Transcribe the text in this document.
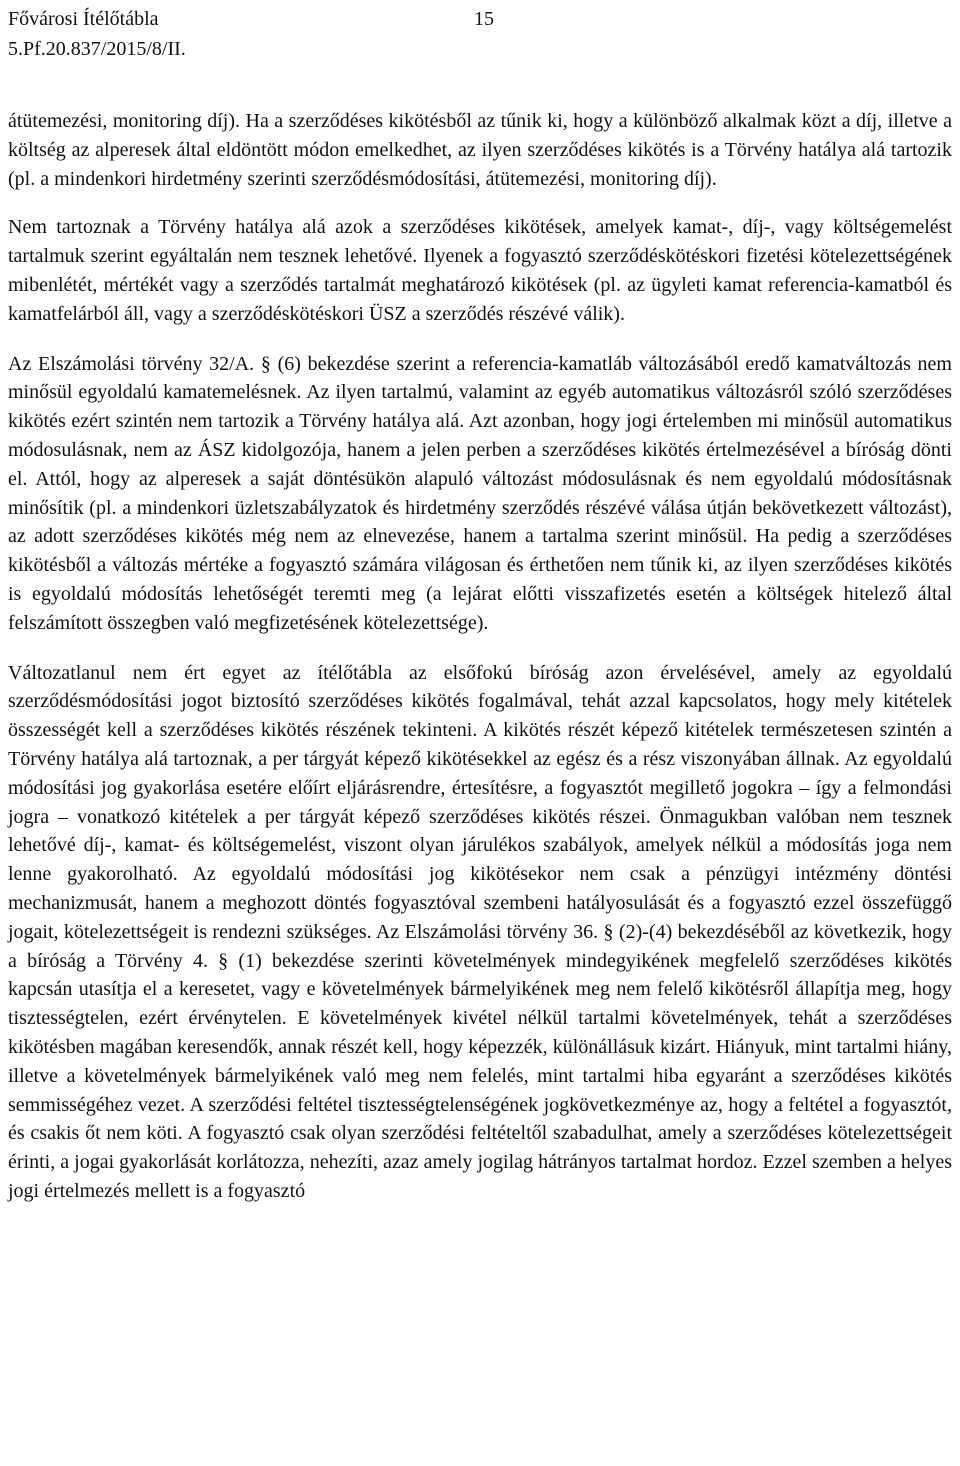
Fővárosi Ítélőtábla
5.Pf.20.837/2015/8/II.
15

átütemezési, monitoring díj). Ha a szerződéses kikötésből az tűnik ki, hogy a különböző alkalmak közt a díj, illetve a költség az alperesek által eldöntött módon emelkedhet, az ilyen szerződéses kikötés is a Törvény hatálya alá tartozik (pl. a mindenkori hirdetmény szerinti szerződésmódosítási, átütemezési, monitoring díj).

Nem tartoznak a Törvény hatálya alá azok a szerződéses kikötések, amelyek kamat-, díj-, vagy költségemelést tartalmuk szerint egyáltalán nem tesznek lehetővé. Ilyenek a fogyasztó szerződéskötéskori fizetési kötelezettségének mibenlétét, mértékét vagy a szerződés tartalmát meghatározó kikötések (pl. az ügyleti kamat referencia-kamatból és kamatfelárból áll, vagy a szerződéskötéskori ÜSZ a szerződés részévé válik).

Az Elszámolási törvény 32/A. § (6) bekezdése szerint a referencia-kamatláb változásából eredő kamatváltozás nem minősül egyoldalú kamatemelésnek. Az ilyen tartalmú, valamint az egyéb automatikus változásról szóló szerződéses kikötés ezért szintén nem tartozik a Törvény hatálya alá. Azt azonban, hogy jogi értelemben mi minősül automatikus módosulásnak, nem az ÁSZ kidolgozója, hanem a jelen perben a szerződéses kikötés értelmezésével a bíróság dönti el. Attól, hogy az alperesek a saját döntésükön alapuló változást módosulásnak és nem egyoldalú módosításnak minősítik (pl. a mindenkori üzletszabályzatok és hirdetmény szerződés részévé válása útján bekövetkezett változást), az adott szerződéses kikötés még nem az elnevezése, hanem a tartalma szerint minősül. Ha pedig a szerződéses kikötésből a változás mértéke a fogyasztó számára világosan és érthetően nem tűnik ki, az ilyen szerződéses kikötés is egyoldalú módosítás lehetőségét teremti meg (a lejárat előtti visszafizetés esetén a költségek hitelező által felszámított összegben való megfizetésének kötelezettsége).

Változatlanul nem ért egyet az ítélőtábla az elsőfokú bíróság azon érvelésével, amely az egyoldalú szerződésmódosítási jogot biztosító szerződéses kikötés fogalmával, tehát azzal kapcsolatos, hogy mely kitételek összességét kell a szerződéses kikötés részének tekinteni. A kikötés részét képező kitételek természetesen szintén a Törvény hatálya alá tartoznak, a per tárgyát képező kikötésekkel az egész és a rész viszonyában állnak. Az egyoldalú módosítási jog gyakorlása esetére előírt eljárásrendre, értesítésre, a fogyasztót megillető jogokra – így a felmondási jogra – vonatkozó kitételek a per tárgyát képező szerződéses kikötés részei. Önmagukban valóban nem tesznek lehetővé díj-, kamat- és költségemelést, viszont olyan járulékos szabályok, amelyek nélkül a módosítás joga nem lenne gyakorolható. Az egyoldalú módosítási jog kikötésekor nem csak a pénzügyi intézmény döntési mechanizmusát, hanem a meghozott döntés fogyasztóval szembeni hatályosulását és a fogyasztó ezzel összefüggő jogait, kötelezettségeit is rendezni szükséges. Az Elszámolási törvény 36. § (2)-(4) bekezdéséből az következik, hogy a bíróság a Törvény 4. § (1) bekezdése szerinti követelmények mindegyikének megfelelő szerződéses kikötés kapcsán utasítja el a keresetet, vagy e követelmények bármelyikének meg nem felelő kikötésről állapítja meg, hogy tisztességtelen, ezért érvénytelen. E követelmények kivétel nélkül tartalmi követelmények, tehát a szerződéses kikötésben magában keresendők, annak részét kell, hogy képezzék, különállásuk kizárt. Hiányuk, mint tartalmi hiány, illetve a követelmények bármelyikének való meg nem felelés, mint tartalmi hiba egyaránt a szerződéses kikötés semmisségéhez vezet. A szerződési feltétel tisztességtelenségének jogkövetkezménye az, hogy a feltétel a fogyasztót, és csakis őt nem köti. A fogyasztó csak olyan szerződési feltételtől szabadulhat, amely a szerződéses kötelezettségeit érinti, a jogai gyakorlását korlátozza, nehezíti, azaz amely jogilag hátrányos tartalmat hordoz. Ezzel szemben a helyes jogi értelmezés mellett is a fogyasztó
